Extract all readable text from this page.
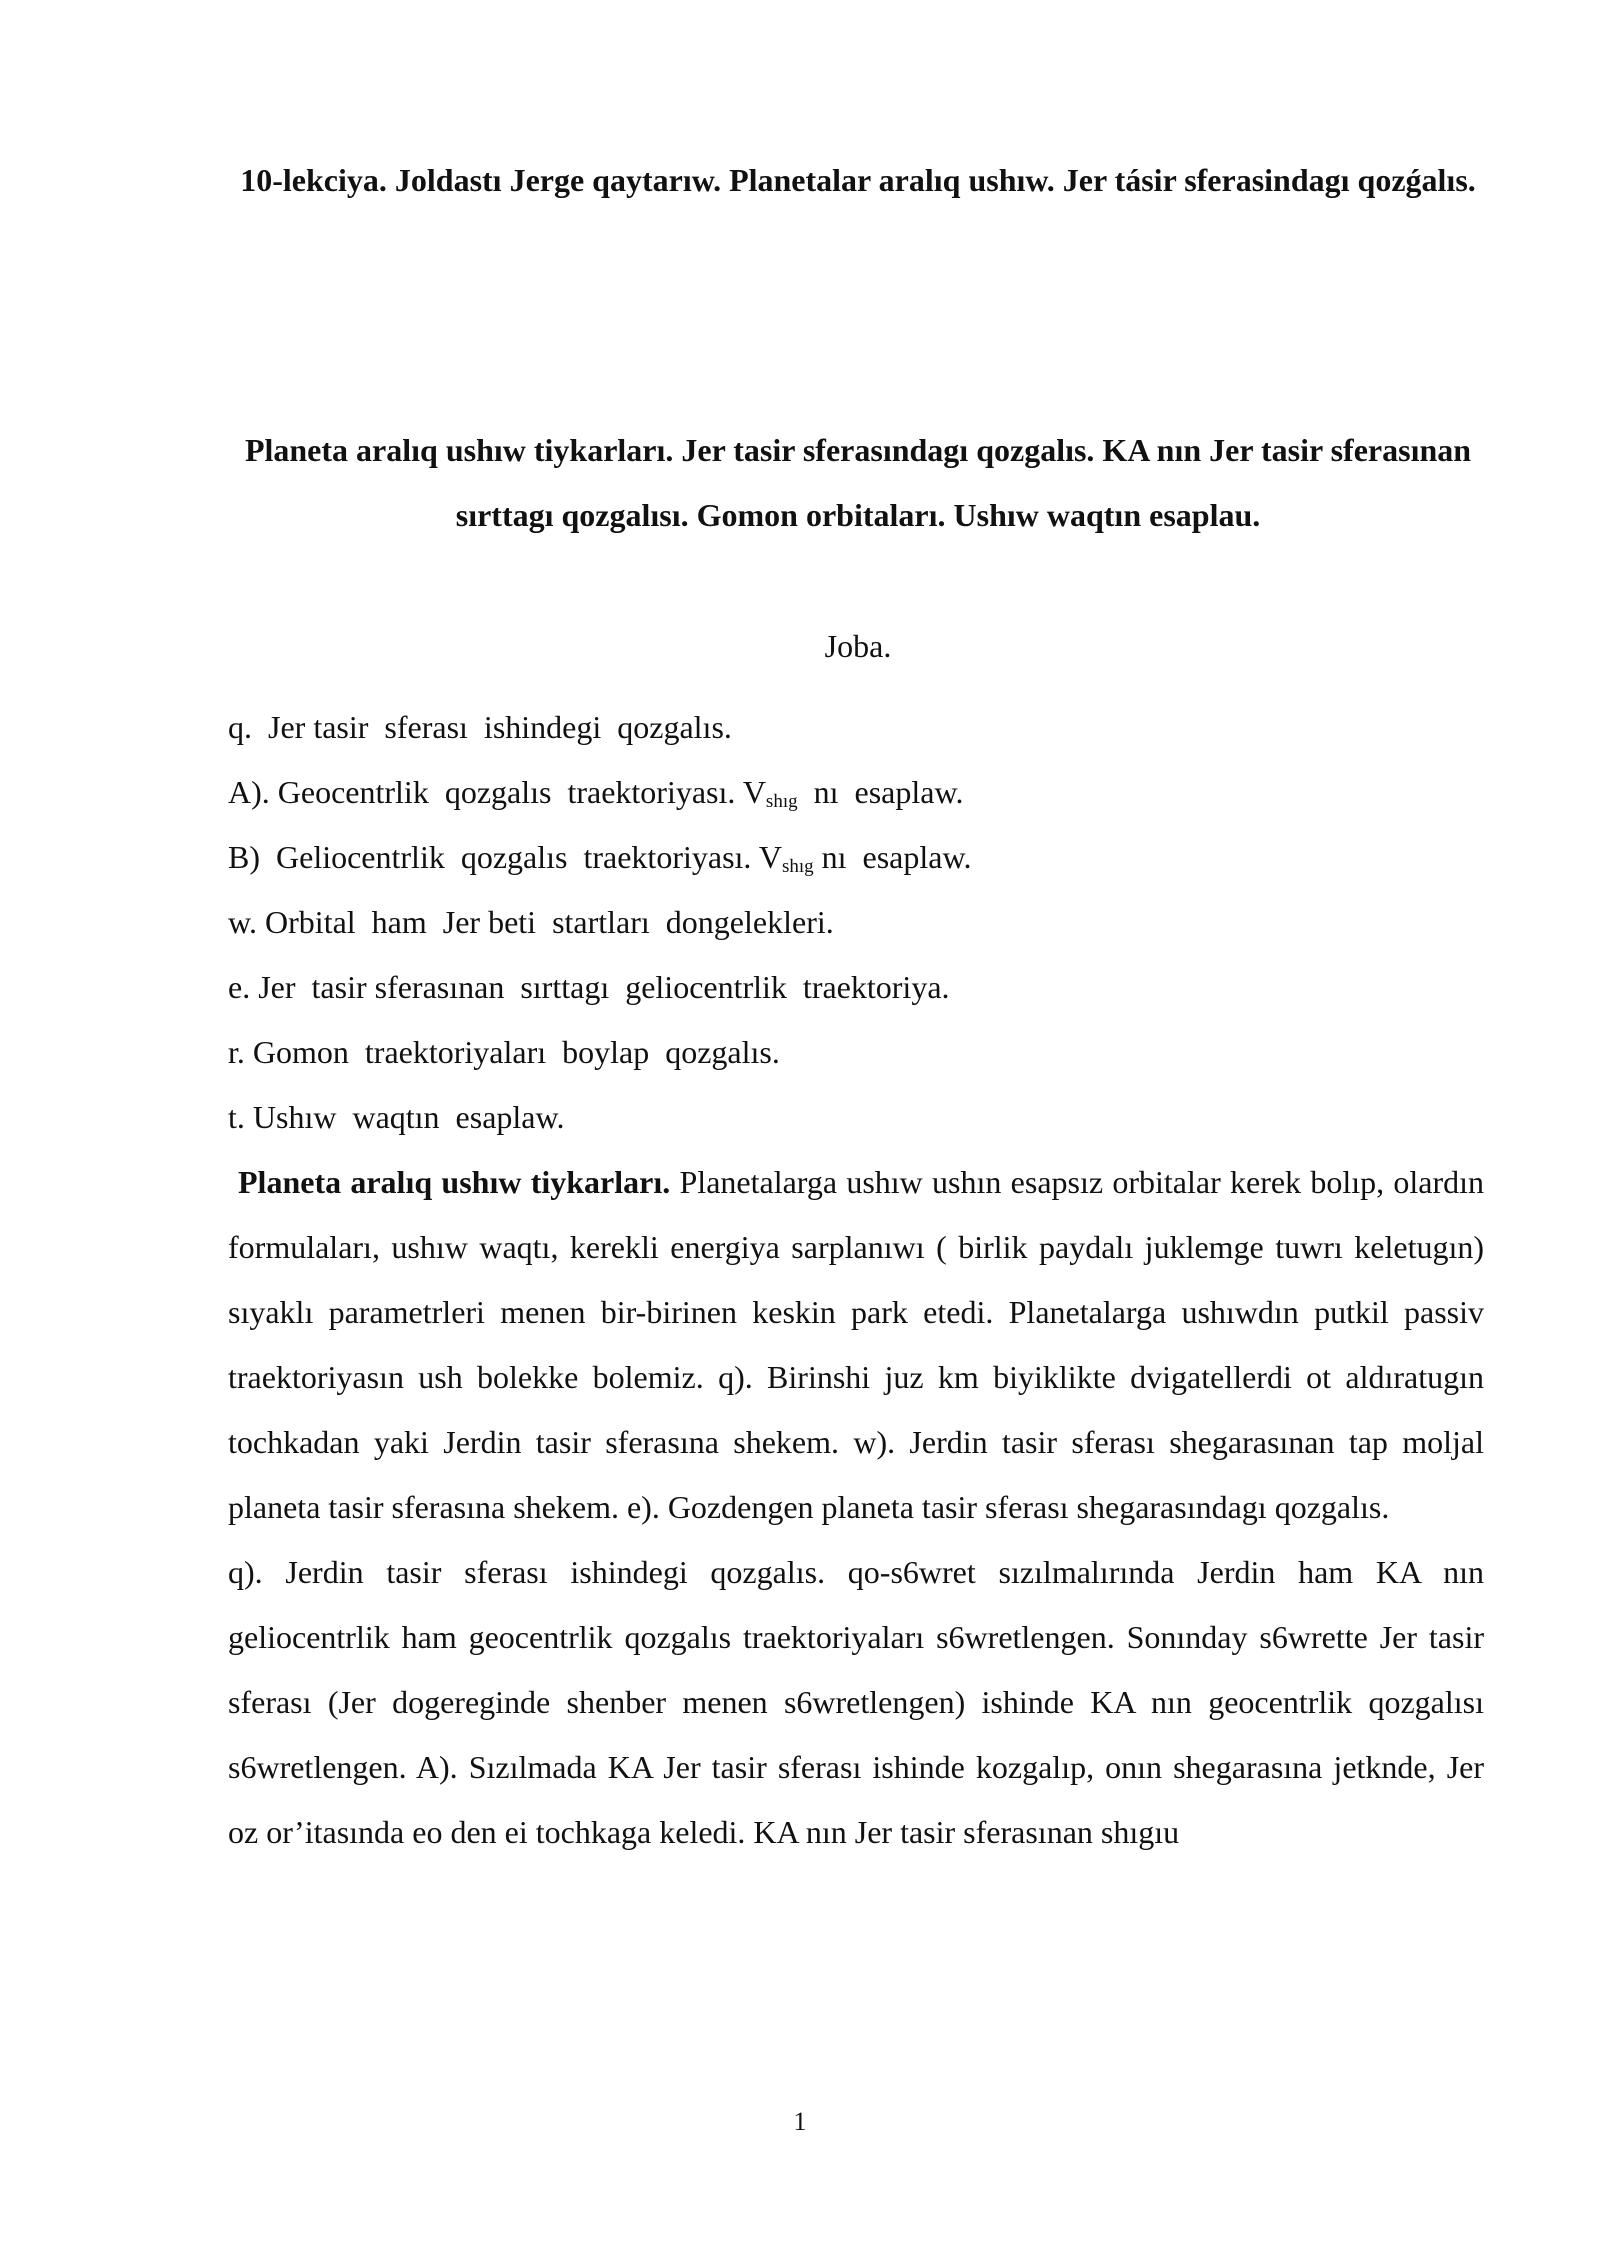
10-lekciya. Joldastı Jerge qaytarıw. Planetalar aralıq ushıw. Jer tásir sferasindagı qozǵalıs.
Planeta aralıq ushıw tiykarları. Jer tasir sferasındagı qozgalıs. KA nın Jer tasir sferasınan sırttagı qozgalısı. Gomon orbitaları. Ushıw waqtın esaplau.
Joba.
q.  Jer tasir  sferası  ishindegi  qozgalıs.
A). Geocentrlik  qozgalıs  traektoriyası. $V_{shıg}$  nı  esaplaw.
B)  Geliocentrlik  qozgalıs  traektoriyası. $V_{shıg}$ nı  esaplaw.
w. Orbital  ham  Jer beti  startları  dongelekleri.
e. Jer  tasir sferasınan  sırttagı  geliocentrlik  traektoriya.
r. Gomon  traektoriyaları  boylap  qozgalıs.
t. Ushıw  waqtın  esaplaw.

Planeta aralıq ushıw tiykarları. Planetalarga ushıw ushın esapsız orbitalar kerek bolıp, olardın formulaları, ushıw waqtı, kerekli energiya sarplanıwı ( birlik paydalı juklemge tuwrı keletugın) sıyaklı parametrleri menen bir-birinen keskin park etedi. Planetalarga ushıwdın putkil passiv traektoriyasın ush bolekke bolemiz. q). Birinshi juz km biyiklikte dvigatellerdi ot aldıratugın tochkadan yaki Jerdin tasir sferasına shekem. w). Jerdin tasir sferası shegarasınan tap moljal planeta tasir sferasına shekem. e). Gozdengen planeta tasir sferası shegarasındagı qozgalıs.

q). Jerdin tasir sferası ishindegi qozgalıs. qo-s6wret sızılmalırında Jerdin ham KA nın geliocentrlik ham geocentrlik qozgalıs traektoriyaları s6wretlengen. Sonınday s6wrette Jer tasir sferası (Jer dogereginde shenber menen s6wretlengen) ishinde KA nın geocentrlik qozgalısı s6wretlengen. A). Sızılmada KA Jer tasir sferası ishinde kozgalıp, onın shegarasına jetknde, Jer oz or’itasında eo den ei tochkaga keledi. KA nın Jer tasir sferasınan shıgıu

1
